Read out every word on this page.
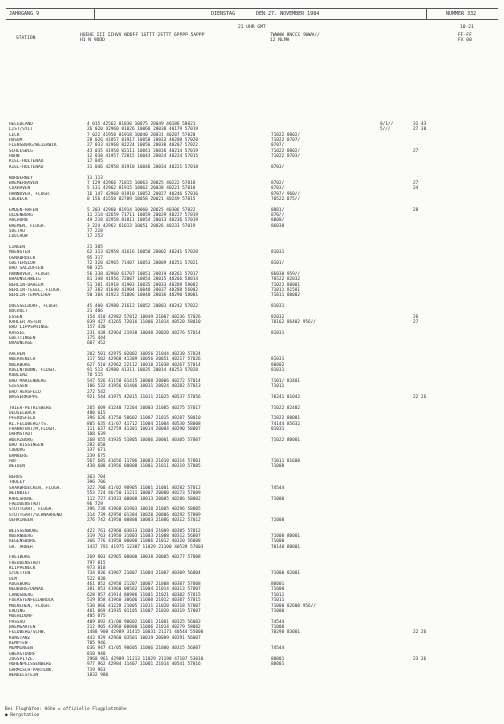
JAHRGANG 9	DIENSTAG	DEN 27. NOVEMBER 1984	NUMMER 332
21 UHR GMT	18-21
STATION
HOEHE III IIHVV NDDFF 1STTT 2STTT 6PPPP 5APPP
H1 N 9DDD
7WWWW 8NCCC 9WWV//
12 NLMH
FF-FF
FX 00
HELGOLAND	4 015 42562 81830 10075 20049 40186 58021	8/1//	31 43
LIST/SYLT	26 020 42960 81826 10066 20038 40179 57019	5///	27 38
LECK	7 022 41950 81918 10040 20031 40207 57020	71022 8802/
HUSUM	28 026 41857 81917 10058 20033 40208 57020	71022 8707/
FLENSBURG/WEIERWIK	27 033 42960 82224 10056 20030 40207 57022	8707/
SCHLESWIG	43 035 41950 82111 10041 20036 40214 57019	71022 8802/	27
HOHN	12 038 41957 72015 10043 20024 40224 57015	71022 8703/
KIEL-HOLTENAU	17 045
KIEL-HOLTENAU	31 046 42958 81910 10046 20034 40221 57018	8703/
NORDERNEY	11 113
BREMERHAVEN	7 129 42966 71815 10063 20025 40222 57018	8702/	27
CUXHAVEN	5 131 42962 81915 10062 20038 40221 57018	8703/	24
HANNOVER, FLUGH.	16 147 42968 81910 10052 20027 40246 57016	8707/ 960//
LUEBECK	8 156 41550 82709 10058 20021 40249 57015	70522 875//
EMDEN-HAFEN	5 203 42960 81914 10060 20025 40306 57022	8801/	28
OLDENBURG	11 214 42659 71711 10059 20029 40227 57019	870//
AHLHORN	49 218 42958 81811 10054 20013 40236 57019	8000/
BREMEN, FLUGH.	3 224 42962 61613 10051 20026 40233 57019	86030
SOLTAU	77 228
LUECHOW	17 253
LINGEN	21 305
MUENSTER	62 313 42958 41616 10050 20002 40241 57020	81031
OSNABRUECK	95 317
GUETERSLOH	72 320 42965 71407 10053 20009 40251 57021	8101/
BAD SALZUFLEN	98 325
HANNOVER, FLUGH.	56 338 42960 61707 10051 20019 40261 57017	86030 959//
BRAUNSCHWEIG	81 348 41956 72007 10054 20015 40266 58014	70522 82032
BERLIN-DAHLEM	51 381 41918 41903 10035 20033 40289 58002	71022 80001
BERLIN-TEGEL, FLUGH.	37 382 41640 41904 10048 20037 40288 56002	71011 81501
BERLIN-TEMPELHOF	50 384 41923 51806 10040 20036 40290 58001	71011 80002
DUESSELDORF, FLUGH.	45 400 42980 21612 10052 20003 40242 57022	81031
BOCHOLT	21 406
ESSEN	154 410 42982 57812 10049 21007 40236 57026	82032	26
KAHLER ASTEN	839 427 41265 72016 11006 21014 40520 58010	70162 86402 956//	27
BAD LIPPSPRINGE	157 430
KASSEL	231 438 42964 21938 10048 20020 40276 57014	81031
GOETTINGEN	175 444
BRAUNLAGE	607 452
AACHEN	202 501 42975 02002 10056 21044 40230 57024
NOERVENICH	117 502 42968 41309 10056 20051 40217 57026	81031
NUERBURG	627 510 42962 22112 10010 21038 40267 57014	80002
KOELN/BONN, FLUGH.	91 513 42980 41311 10035 20014 40253 57028	81031
KOBLENZ	70 515
BAD MARIENBERG	547 526 41150 61415 10008 20006 40272 57014	7101/ 83401
GIESSEN	186 532 41956 01406 10031 20024 40282 57013	71011
BAD HERSFELD	272 542
WASSERKUPPE	921 544 41975 42015 11011 21025 40537 57056	70241 81042	22 26
TRIER-PETRISBERG	265 609 41240 72204 10003 21005 40275 57017	71022 82402
DEUSELBACH	480 615
PFERDSFELD	396 626 41750 50602 11007 21015 40287 58010	71022 80001
KL.FELDBERG/TS.	805 635 41/07 41712 11004 21004 40530 58008	74144 85632
FRANKFURT/M,FLUGH.	111 637 42759 41301 10014 20004 40290 58007	81031
DARMSTADT	108 639
WUERZBURG	268 655 41935 51805 10006 20001 40305 57007	71022 80001
BAD KISSINGEN	282 658
COBURG	337 671
BAMBERG	239 675
HOF	567 685 41656 11706 10003 21010 40314 57001	71011 81600
WEIDEN	438 688 41956 00000 11001 21011 40319 57005	71000
BERUS	363 704
THOLEY	396 706
SAARBRUECKEN, FLUGH.	322 708 41/02 90905 11001 21001 40282 57012	74544
WEINBIET	553 724 46/50 11211 10007 20000 40273 57009
KARLSRUHE	112 727 41933 00000 10013 20005 40286 58002	71000
FREUDENSTADT	96 729
STUTTGART, FLUGH.	396 738 41960 01903 10010 21005 40296 58005
STUTTGART/SCHNARRENB	314 739 42950 01304 10020 20006 40292 57009
OEHRINGEN	276 742 41950 00800 10003 21006 40312 57012	71000
WEISSENBURG	422 761 42960 03033 11004 21009 40305 57012
NUERNBERG	319 763 41950 31003 11003 21008 40312 56007	71000 80001
REGENSBURG	366 776 41950 00000 11006 21012 40320 56008	71000
GR. ARBER	1437 791 41975 12307 11029 21100 40539 57003	70140 80001
FREIBURG	269 803 42965 00000 10038 20005 40277 57008
FREUDENSTADT	797 815
KLIPPENECK	973 818
STOETTEN	734 836 41967 21007 11004 21007 40309 56004	71000 82001
ULM	522 838
AUGSBURG	461 852 42958 21207 10007 21008 40307 57008	80001
NEUBURG/DONAU	381 853 41960 00502 11004 21014 40313 57007	71000
LANDSBERG	628 857 41914 80906 11001 21021 40302 57015	71011
FUERSTENFELDBRUCK	519 858 41960 30606 11000 21012 40307 57015	71011
MUENCHEN, FLUGH.	530 866 41228 21005 11011 21020 40318 57007	71000 82600 956//
ERDING	461 869 41935 01105 11007 21020 40319 57007	71000
MUEHLDORF	405 875
PASSAU	409 892 41/00 90602 11001 21001 40325 56003	74544
BREMGARTEN	212 905 41960 00000 11006 21014 40279 58002	71000
FELDBERG/SCHW.	1488 908 42989 31415 10031 21171 40544 55000	70290 83001	22 26
KONSTANZ	443 929 42960 03501 10019 20009 40291 56007
KEMPTEN	705 946
MEMMINGEN	636 947 41/05 90605 11006 21000 40315 56007	74544
OBERSTDORF	810 948
ZUGSPITZE	2960 961 42989 11213 11029 21198 47107 53010	80001	23 26
HOHENPEISSENBERG	977 962 42984 11407 11001 21014 40541 57016	80001
GARMISCH-PARTENK.	719 963
WENDELSTEIN	1832 980
Bei Flughäfen: Höhe = offizielle Flugplatzhöhe
● Bergstation
